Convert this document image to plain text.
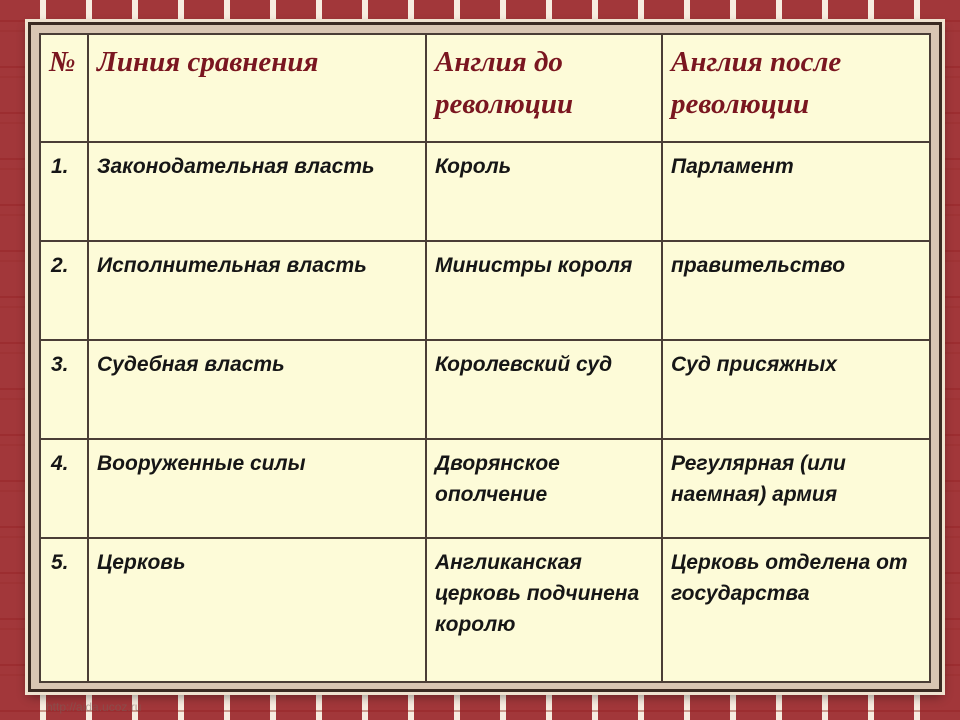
№	Линия сравнения	Англия до революции	Англия после революции
1.	Законодательная власть	Король	Парламент
2.	Исполнительная власть	Министры короля	правительство
3.	Судебная власть	Королевский суд	Суд присяжных
4.	Вооруженные силы	Дворянское ополчение	Регулярная (или наемная) армия
5.	Церковь	Англиканская церковь подчинена королю	Церковь отделена от государства
http://aida.ucoz.ru
